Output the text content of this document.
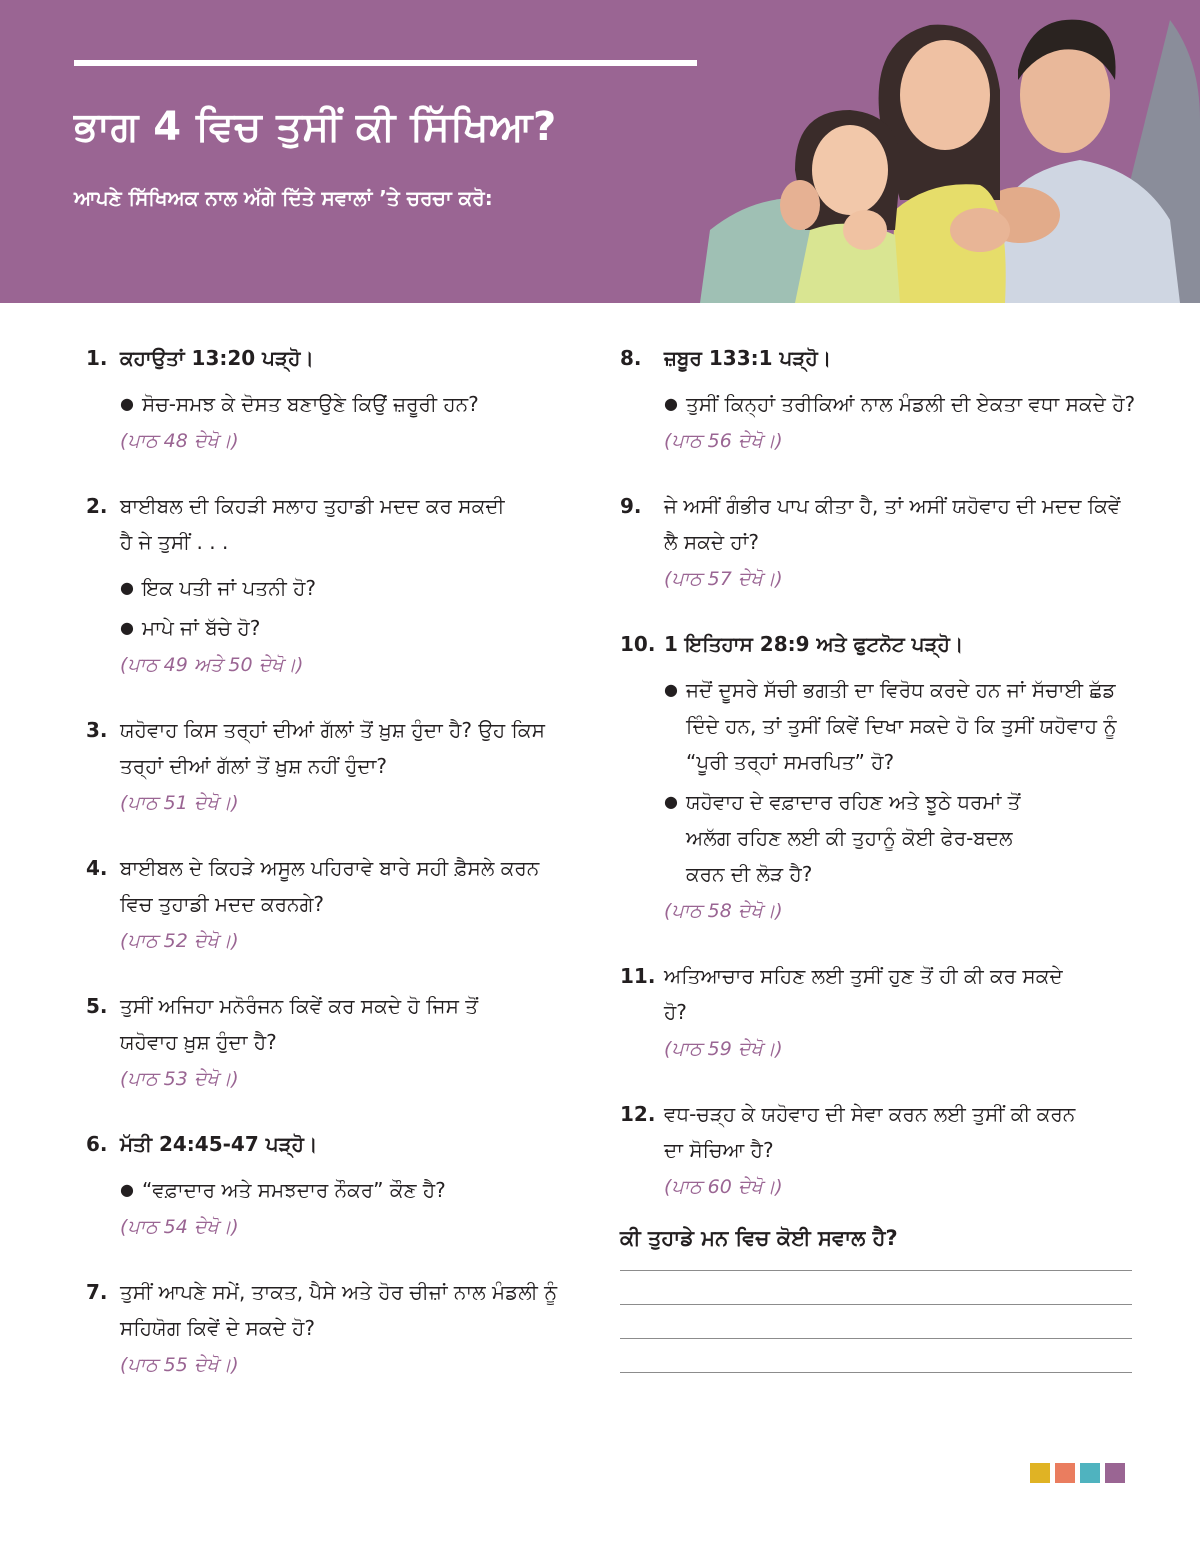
ਭਾਗ 4 ਵਿਚ ਤੁਸੀਂ ਕੀ ਸਿੱਖਿਆ?
ਆਪਣੇ ਸਿੱਖਿਅਕ ਨਾਲ ਅੱਗੇ ਦਿੱਤੇ ਸਵਾਲਾਂ ’ਤੇ ਚਰਚਾ ਕਰੋ:
1. ਕਹਾਉਤਾਂ 13:20 ਪੜ੍ਹੋ।
● ਸੋਚ-ਸਮਝ ਕੇ ਦੋਸਤ ਬਣਾਉਣੇ ਕਿਉਂ ਜ਼ਰੂਰੀ ਹਨ?
(ਪਾਠ 48 ਦੇਖੋ।)
2. ਬਾਈਬਲ ਦੀ ਕਿਹੜੀ ਸਲਾਹ ਤੁਹਾਡੀ ਮਦਦ ਕਰ ਸਕਦੀ ਹੈ ਜੇ ਤੁਸੀਂ . . .
● ਇਕ ਪਤੀ ਜਾਂ ਪਤਨੀ ਹੋ?
● ਮਾਪੇ ਜਾਂ ਬੱਚੇ ਹੋ?
(ਪਾਠ 49 ਅਤੇ 50 ਦੇਖੋ।)
3. ਯਹੋਵਾਹ ਕਿਸ ਤਰ੍ਹਾਂ ਦੀਆਂ ਗੱਲਾਂ ਤੋਂ ਖ਼ੁਸ਼ ਹੁੰਦਾ ਹੈ? ਉਹ ਕਿਸ ਤਰ੍ਹਾਂ ਦੀਆਂ ਗੱਲਾਂ ਤੋਂ ਖ਼ੁਸ਼ ਨਹੀਂ ਹੁੰਦਾ?
(ਪਾਠ 51 ਦੇਖੋ।)
4. ਬਾਈਬਲ ਦੇ ਕਿਹੜੇ ਅਸੂਲ ਪਹਿਰਾਵੇ ਬਾਰੇ ਸਹੀ ਫ਼ੈਸਲੇ ਕਰਨ ਵਿਚ ਤੁਹਾਡੀ ਮਦਦ ਕਰਨਗੇ?
(ਪਾਠ 52 ਦੇਖੋ।)
5. ਤੁਸੀਂ ਅਜਿਹਾ ਮਨੋਰੰਜਨ ਕਿਵੇਂ ਕਰ ਸਕਦੇ ਹੋ ਜਿਸ ਤੋਂ ਯਹੋਵਾਹ ਖ਼ੁਸ਼ ਹੁੰਦਾ ਹੈ?
(ਪਾਠ 53 ਦੇਖੋ।)
6. ਮੱਤੀ 24:45-47 ਪੜ੍ਹੋ।
● “ਵਫ਼ਾਦਾਰ ਅਤੇ ਸਮਝਦਾਰ ਨੌਕਰ” ਕੌਣ ਹੈ?
(ਪਾਠ 54 ਦੇਖੋ।)
7. ਤੁਸੀਂ ਆਪਣੇ ਸਮੇਂ, ਤਾਕਤ, ਪੈਸੇ ਅਤੇ ਹੋਰ ਚੀਜ਼ਾਂ ਨਾਲ ਮੰਡਲੀ ਨੂੰ ਸਹਿਯੋਗ ਕਿਵੇਂ ਦੇ ਸਕਦੇ ਹੋ?
(ਪਾਠ 55 ਦੇਖੋ।)
8.	ਜ਼ਬੂਰ 133:1 ਪੜ੍ਹੋ।
● ਤੁਸੀਂ ਕਿਨ੍ਹਾਂ ਤਰੀਕਿਆਂ ਨਾਲ ਮੰਡਲੀ ਦੀ ਏਕਤਾ ਵਧਾ ਸਕਦੇ ਹੋ?
(ਪਾਠ 56 ਦੇਖੋ।)
9.	ਜੇ ਅਸੀਂ ਗੰਭੀਰ ਪਾਪ ਕੀਤਾ ਹੈ, ਤਾਂ ਅਸੀਂ ਯਹੋਵਾਹ ਦੀ ਮਦਦ ਕਿਵੇਂ ਲੈ ਸਕਦੇ ਹਾਂ?
(ਪਾਠ 57 ਦੇਖੋ।)
10. 1 ਇਤਿਹਾਸ 28:9 ਅਤੇ ਫੁਟਨੋਟ ਪੜ੍ਹੋ।
● ਜਦੋਂ ਦੂਸਰੇ ਸੱਚੀ ਭਗਤੀ ਦਾ ਵਿਰੋਧ ਕਰਦੇ ਹਨ ਜਾਂ ਸੱਚਾਈ ਛੱਡ ਦਿੰਦੇ ਹਨ, ਤਾਂ ਤੁਸੀਂ ਕਿਵੇਂ ਦਿਖਾ ਸਕਦੇ ਹੋ ਕਿ ਤੁਸੀਂ ਯਹੋਵਾਹ ਨੂੰ “ਪੂਰੀ ਤਰ੍ਹਾਂ ਸਮਰਪਿਤ” ਹੋ?
● ਯਹੋਵਾਹ ਦੇ ਵਫ਼ਾਦਾਰ ਰਹਿਣ ਅਤੇ ਝੂਠੇ ਧਰਮਾਂ ਤੋਂ ਅਲੱਗ ਰਹਿਣ ਲਈ ਕੀ ਤੁਹਾਨੂੰ ਕੋਈ ਫੇਰ-ਬਦਲ ਕਰਨ ਦੀ ਲੋੜ ਹੈ?
(ਪਾਠ 58 ਦੇਖੋ।)
11. ਅਤਿਆਚਾਰ ਸਹਿਣ ਲਈ ਤੁਸੀਂ ਹੁਣ ਤੋਂ ਹੀ ਕੀ ਕਰ ਸਕਦੇ ਹੋ?
(ਪਾਠ 59 ਦੇਖੋ।)
12. ਵਧ-ਚੜ੍ਹ ਕੇ ਯਹੋਵਾਹ ਦੀ ਸੇਵਾ ਕਰਨ ਲਈ ਤੁਸੀਂ ਕੀ ਕਰਨ ਦਾ ਸੋਚਿਆ ਹੈ?
(ਪਾਠ 60 ਦੇਖੋ।)
ਕੀ ਤੁਹਾਡੇ ਮਨ ਵਿਚ ਕੋਈ ਸਵਾਲ ਹੈ?
